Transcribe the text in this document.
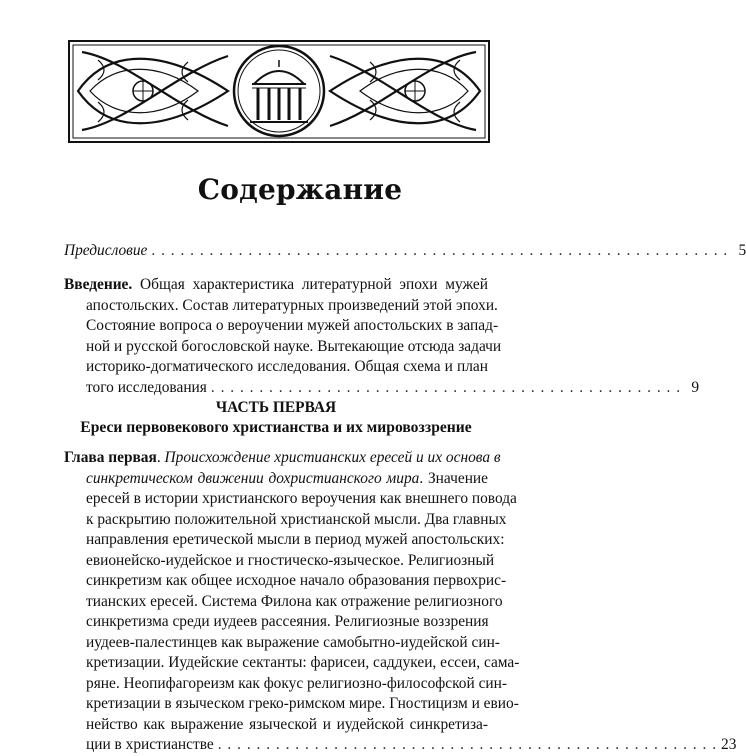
Содержание
Предисловие . . . . . . . . . . . . . . . . . . . . . . . . . . . . . . . . . . . . . . . . . . . . . . . . . . . . . . . . . . . . 5
Введение. Общая характеристика литературной эпохи мужей
апостольских. Состав литературных произведений этой эпохи.
Состояние вопроса о вероучении мужей апостольских в запад-
ной и русской богословской науке. Вытекающие отсюда задачи
историко-догматического исследования. Общая схема и план
того исследования . . . . . . . . . . . . . . . . . . . . . . . . . . . . . . . . . . . . . . . . . . . . . . . . . 9
ЧАСТЬ ПЕРВАЯ
Ереси первовекового христианства и их мировоззрение
Глава первая. Происхождение христианских ересей и их основа в
синкретическом движении дохристианского мира. Значение
ересей в истории христианского вероучения как внешнего повода
к раскрытию положительной христианской мысли. Два главных
направления еретической мысли в период мужей апостольских:
евионейско-иудейское и гностическо-языческое. Религиозный
синкретизм как общее исходное начало образования первохрис-
тианских ересей. Система Филона как отражение религиозного
синкретизма среди иудеев рассеяния. Религиозные воззрения
иудеев-палестинцев как выражение самобытно-иудейской син-
кретизации. Иудейские сектанты: фарисеи, саддукеи, ессеи, сама-
ряне. Неопифагореизм как фокус религиозно-философской син-
кретизации в языческом греко-римском мире. Гностицизм и евио-
нейство как выражение языческой и иудейской синкретиза-
ции в христианстве . . . . . . . . . . . . . . . . . . . . . . . . . . . . . . . . . . . . . . . . . . . . . . . . . . . . 23
